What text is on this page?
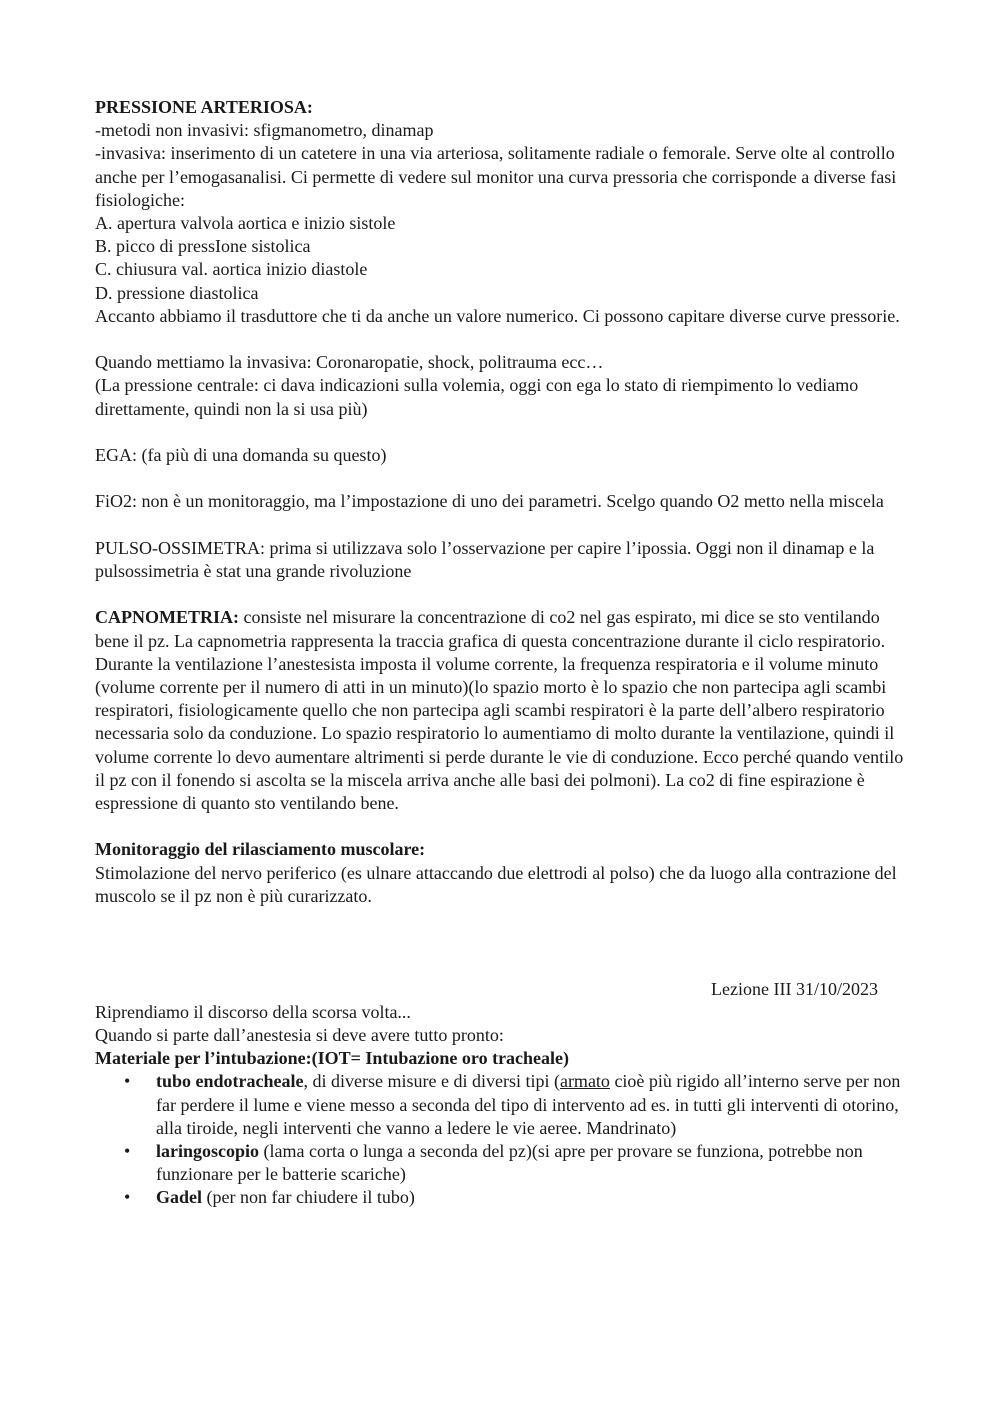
PRESSIONE ARTERIOSA:

-metodi non invasivi: sfigmanometro, dinamap

-invasiva: inserimento di un catetere in una via arteriosa, solitamente radiale o femorale. Serve olte al controllo anche per l’emogasanalisi. Ci permette di vedere sul monitor una curva pressoria che corrisponde a diverse fasi fisiologiche:

A. apertura valvola aortica e inizio sistole

B. picco di pressIone sistolica

C. chiusura val. aortica inizio diastole

D. pressione diastolica

Accanto abbiamo il trasduttore che ti da anche un valore numerico. Ci possono capitare diverse curve pressorie.

Quando mettiamo la invasiva: Coronaropatie, shock, politrauma ecc…

(La pressione centrale: ci dava indicazioni sulla volemia, oggi con ega lo stato di riempimento lo vediamo direttamente, quindi non la si usa più)

EGA: (fa più di una domanda su questo)

FiO2: non è un monitoraggio, ma l’impostazione di uno dei parametri. Scelgo quando O2 metto nella miscela

PULSO-OSSIMETRA: prima si utilizzava solo l’osservazione per capire l’ipossia. Oggi non il dinamap e la pulsossimetria è stat una grande rivoluzione

CAPNOMETRIA: consiste nel misurare la concentrazione di co2 nel gas espirato, mi dice se sto ventilando bene il pz. La capnometria rappresenta la traccia grafica di questa concentrazione durante il ciclo respiratorio. Durante la ventilazione l’anestesista imposta il volume corrente, la frequenza respiratoria e il volume minuto (volume corrente per il numero di atti in un minuto)(lo spazio morto è lo spazio che non partecipa agli scambi respiratori, fisiologicamente quello che non partecipa agli scambi respiratori è la parte dell’albero respiratorio necessaria solo da conduzione. Lo spazio respiratorio lo aumentiamo di molto durante la ventilazione, quindi il volume corrente lo devo aumentare altrimenti si perde durante le vie di conduzione. Ecco perché quando ventilo il pz con il fonendo si ascolta se la miscela arriva anche alle basi dei polmoni). La co2 di fine espirazione è espressione di quanto sto ventilando bene.

Monitoraggio del rilasciamento muscolare:

Stimolazione del nervo periferico (es ulnare attaccando due elettrodi al polso) che da luogo alla contrazione del muscolo se il pz non è più curarizzato.

Lezione III 31/10/2023

Riprendiamo il discorso della scorsa volta...

Quando si parte dall’anestesia si deve avere tutto pronto:

Materiale per l’intubazione:(IOT= Intubazione oro tracheale)

• tubo endotracheale, di diverse misure e di diversi tipi (armato cioè più rigido all’interno serve per non far perdere il lume e viene messo a seconda del tipo di intervento ad es. in tutti gli interventi di otorino, alla tiroide, negli interventi che vanno a ledere le vie aeree. Mandrinato)
• laringoscopio (lama corta o lunga a seconda del pz)(si apre per provare se funziona, potrebbe non funzionare per le batterie scariche)
• Gadel (per non far chiudere il tubo)
